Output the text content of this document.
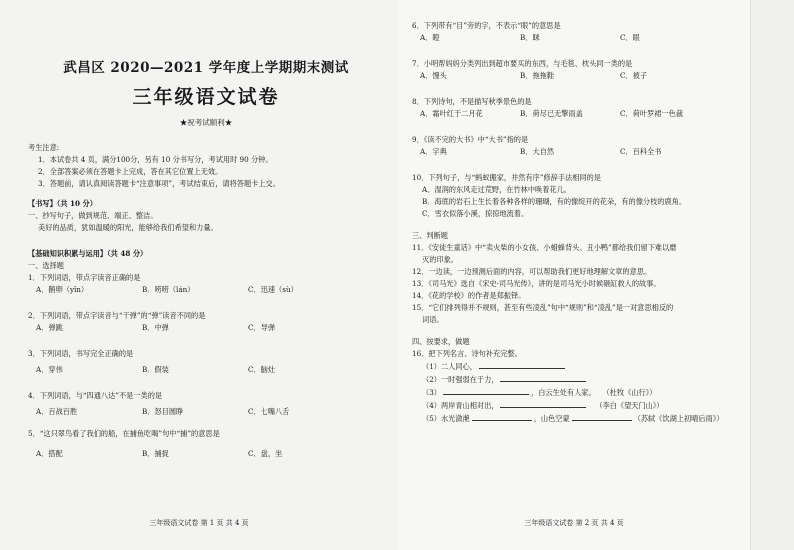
武昌区 2020—2021 学年度上学期期末测试
三年级语文试卷
★祝考试顺利★
考生注意:
1．本试卷共 4 页，满分100分，另有 10 分书写分，考试用时 90 分钟。
2．全部答案必须在答题卡上完成，答在其它位置上无效。
3．答题前，请认真阅读答题卡“注意事项”，考试结束后，请将答题卡上交。
【书写】（共 10 分）
一、抄写句子，做到规范、端正、整洁。
美好的品质，犹如温暖的阳光，能够给我们希望和力量。
【基础知识积累与运用】（共 48 分）
一、选择题
1．下列词语，带点字读音正确的是
A．鹅卵（yǐn）	B．唠唠（lán）	C．迅速（sù）
2．下列词语，带点字读音与“干弹”的“弹”读音不同的是
A．弹跳	B．中弹	C．导弹
3．下列词语，书写完全正确的是
A．穿伟	B．假装	C．脑灶
4．下列词语，与“四通八达”不是一类的是
A．百战百胜	B．怒目圆睁	C．七嘴八舌
5．“这只翠鸟看了我们的船，在捕鱼吃喝”句中“捕”的意思是
A．搭配	B．捕捉	C．盘，坐
三年级语文试卷 第 1 页 共 4 页
6．下列带有“目”旁的字，不表示“眼”的意思是
A．瞪	B．眯	C．眼
7．小明帮妈妈分类列出到超市要买的东西，与毛毯、枕头同一类的是
A．馒头	B．拖拖鞋	C．被子
8．下列诗句，不是描写秋季景色的是
A．霜叶红于二月花	B．荷尽已无擎雨盖	C．荷叶罗裙一色裁
9．《读不完的大书》中“大书”指的是
A．字典	B．大自然	C．百科全书
10．下列句子，与“蚂蚁搬家，井然有序”修辞手法相同的是
A．湿润的东风走过荒野，在竹林中唤着花儿。
B．海底的岩石上生长着各种各样的珊瑚，有的像绽开的花朵，有的像分枝的鹿角。
C．雪衣似落小溪，掠掠地流着。
三、判断题
11．《安徒生童话》中“卖火柴的小女孩、小蜡蜂背头、丑小鸭”都给我们留下难以磨
灭的印象。
12．一边读，一边预测后面的内容，可以帮助我们更好地理解文章的意思。
13．《司马光》选自《宋史·司马光传》，讲的是司马光小时候砸缸救人的故事。
14．《花的学校》的作者是郑振铎。
15．“它们排列得并不规则，甚至有些凌乱”句中“规则”和“凌乱”是一对意思相反的
词语。
四、按要求，做题
16．把下列名言、诗句补充完整。
（1）二人同心，
（2）一时强弱在于力，
（3）	，白云生处有人家。 （杜牧《山行》）
（4）两岸青山相对出，	（李白《望天门山》）
（5）水光潋滟	，山色空蒙	（苏轼《饮湖上初晴后雨》）
三年级语文试卷 第 2 页 共 4 页
